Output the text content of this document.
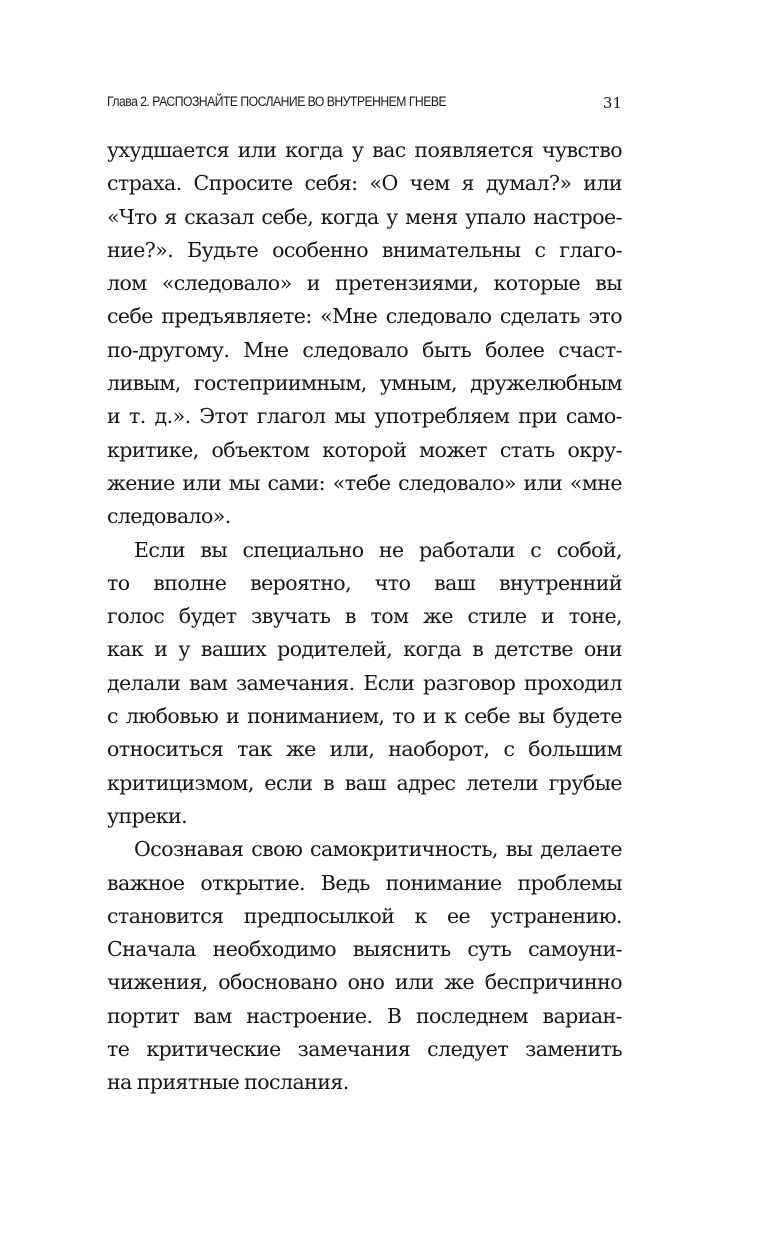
Глава 2. РАСПОЗНАЙТЕ ПОСЛАНИЕ ВО ВНУТРЕННЕМ ГНЕВЕ	31
ухудшается или когда у вас появляется чувство
страха. Спросите себя: «О чем я думал?» или
«Что я сказал себе, когда у меня упало настрое-
ние?». Будьте особенно внимательны с глаго-
лом «следовало» и претензиями, которые вы
себе предъявляете: «Мне следовало сделать это
по-другому. Мне следовало быть более счаст-
ливым, гостеприимным, умным, дружелюбным
и т. д.». Этот глагол мы употребляем при само-
критике, объектом которой может стать окру-
жение или мы сами: «тебе следовало» или «мне
следовало».
Если вы специально не работали с собой,
то вполне вероятно, что ваш внутренний
голос будет звучать в том же стиле и тоне,
как и у ваших родителей, когда в детстве они
делали вам замечания. Если разговор проходил
с любовью и пониманием, то и к себе вы будете
относиться так же или, наоборот, с большим
критицизмом, если в ваш адрес летели грубые
упреки.
Осознавая свою самокритичность, вы делаете
важное открытие. Ведь понимание проблемы
становится предпосылкой к ее устранению.
Сначала необходимо выяснить суть самоуни-
чижения, обосновано оно или же беспричинно
портит вам настроение. В последнем вариан-
те критические замечания следует заменить
на приятные послания.
